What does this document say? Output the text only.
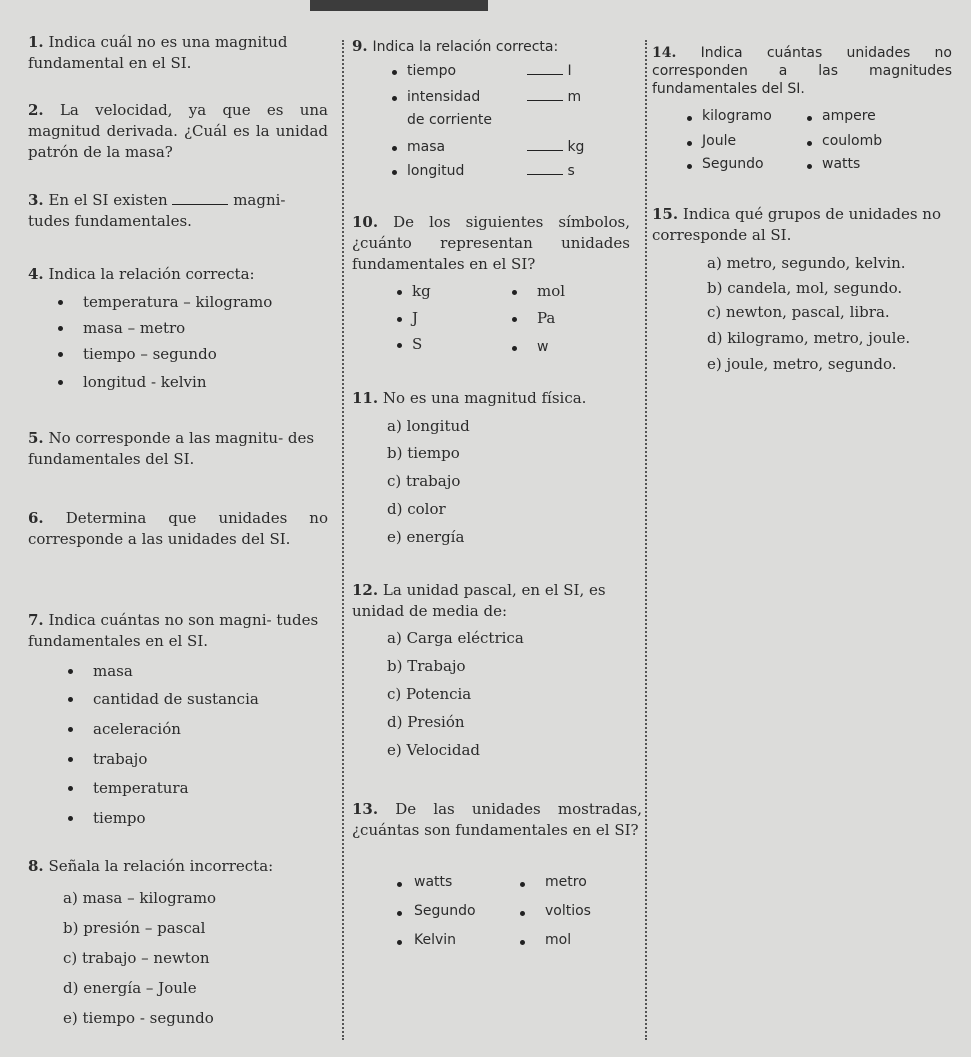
1. Indica cuál no es una magnitud fundamental en el SI.
2. La velocidad, ya que es una magnitud derivada. ¿Cuál es la unidad patrón de la masa?
3. En el SI existen	magni-
tudes fundamentales.
4. Indica la relación correcta:
temperatura – kilogramo
masa – metro
tiempo – segundo
longitud - kelvin
5. No corresponde a las magnitu- des fundamentales del SI.
6. Determina que unidades no corresponde a las unidades del SI.
7. Indica cuántas no son magni- tudes fundamentales en el SI.
masa
cantidad de sustancia
aceleración
trabajo
temperatura
tiempo
8. Señala la relación incorrecta:
a) masa – kilogramo
b) presión – pascal
c) trabajo – newton
d) energía – Joule
e) tiempo - segundo
9. Indica la relación correcta:
tiempo	I
intensidad	m
de corriente
masa	kg
longitud	s
10. De los siguientes símbolos, ¿cuánto representan unidades fundamentales en el SI?
kg	mol
J	Pa
S	w
11. No es una magnitud física.
a) longitud
b) tiempo
c) trabajo
d) color
e) energía
12. La unidad pascal, en el SI, es unidad de media de:
a) Carga eléctrica
b) Trabajo
c) Potencia
d) Presión
e) Velocidad
13. De las unidades mostradas, ¿cuántas son fundamentales en el SI?
watts	metro
Segundo	voltios
Kelvin	mol
14. Indica cuántas unidades no corresponden a las magnitudes fundamentales del SI.
kilogramo	ampere
Joule	coulomb
Segundo	watts
15. Indica qué grupos de unidades no corresponde al SI.
a) metro, segundo, kelvin.
b) candela, mol, segundo.
c) newton, pascal, libra.
d) kilogramo, metro, joule.
e) joule, metro, segundo.
